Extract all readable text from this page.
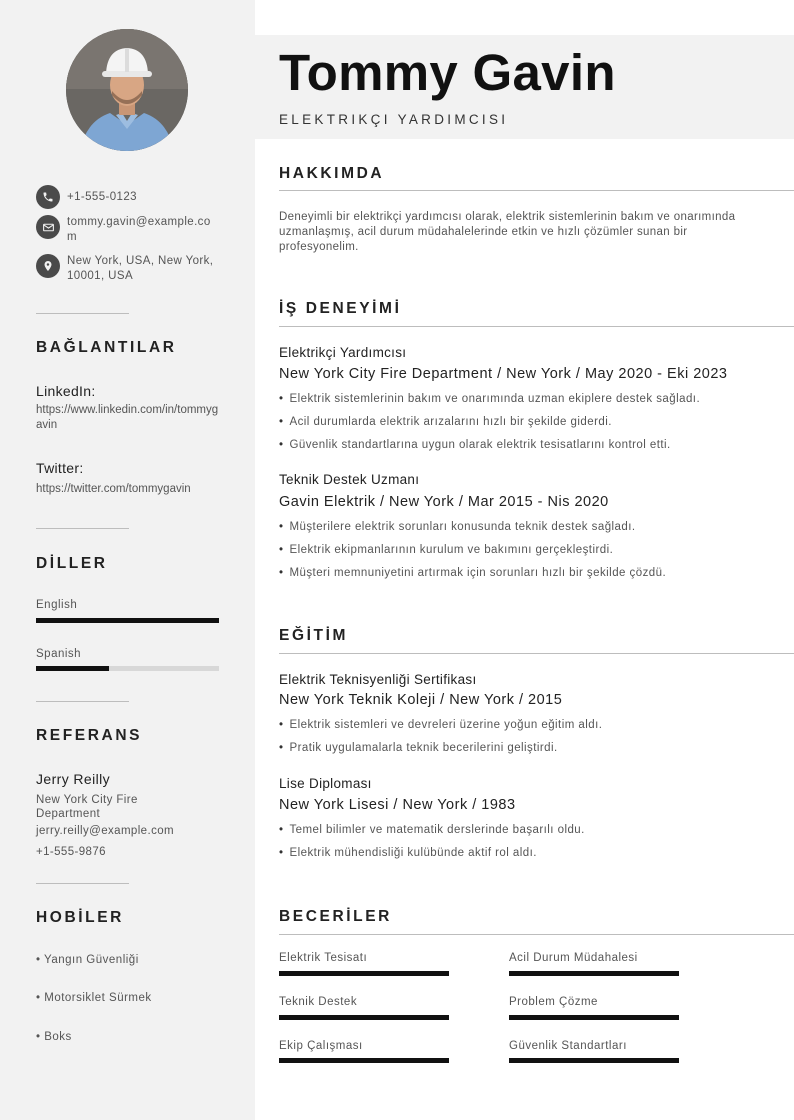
+1-555-0123
tommy.gavin@example.com
New York, USA, New York, 10001, USA
BAĞLANTILAR
LinkedIn:
https://www.linkedin.com/in/tommygavin
Twitter:
https://twitter.com/tommygavin
DİLLER
English
Spanish
REFERANS
Jerry Reilly
New York City Fire Department
jerry.reilly@example.com
+1-555-9876
HOBİLER
• Yangın Güvenliği
• Motorsiklet Sürmek
• Boks
Tommy Gavin
ELEKTRIKÇI YARDIMCISI
HAKKIMDA
Deneyimli bir elektrikçi yardımcısı olarak, elektrik sistemlerinin bakım ve onarımında uzmanlaşmış, acil durum müdahalelerinde etkin ve hızlı çözümler sunan bir profesyonelim.
İŞ DENEYİMİ
Elektrikçi Yardımcısı
New York City Fire Department / New York / May 2020 - Eki 2023
• Elektrik sistemlerinin bakım ve onarımında uzman ekiplere destek sağladı.
• Acil durumlarda elektrik arızalarını hızlı bir şekilde giderdi.
• Güvenlik standartlarına uygun olarak elektrik tesisatlarını kontrol etti.
Teknik Destek Uzmanı
Gavin Elektrik / New York / Mar 2015 - Nis 2020
• Müşterilere elektrik sorunları konusunda teknik destek sağladı.
• Elektrik ekipmanlarının kurulum ve bakımını gerçekleştirdi.
• Müşteri memnuniyetini artırmak için sorunları hızlı bir şekilde çözdü.
EĞİTİM
Elektrik Teknisyenliği Sertifikası
New York Teknik Koleji / New York / 2015
• Elektrik sistemleri ve devreleri üzerine yoğun eğitim aldı.
• Pratik uygulamalarla teknik becerilerini geliştirdi.
Lise Diploması
New York Lisesi / New York / 1983
• Temel bilimler ve matematik derslerinde başarılı oldu.
• Elektrik mühendisliği kulübünde aktif rol aldı.
BECERİLER
Elektrik Tesisatı	Acil Durum Müdahalesi
Teknik Destek	Problem Çözme
Ekip Çalışması	Güvenlik Standartları
